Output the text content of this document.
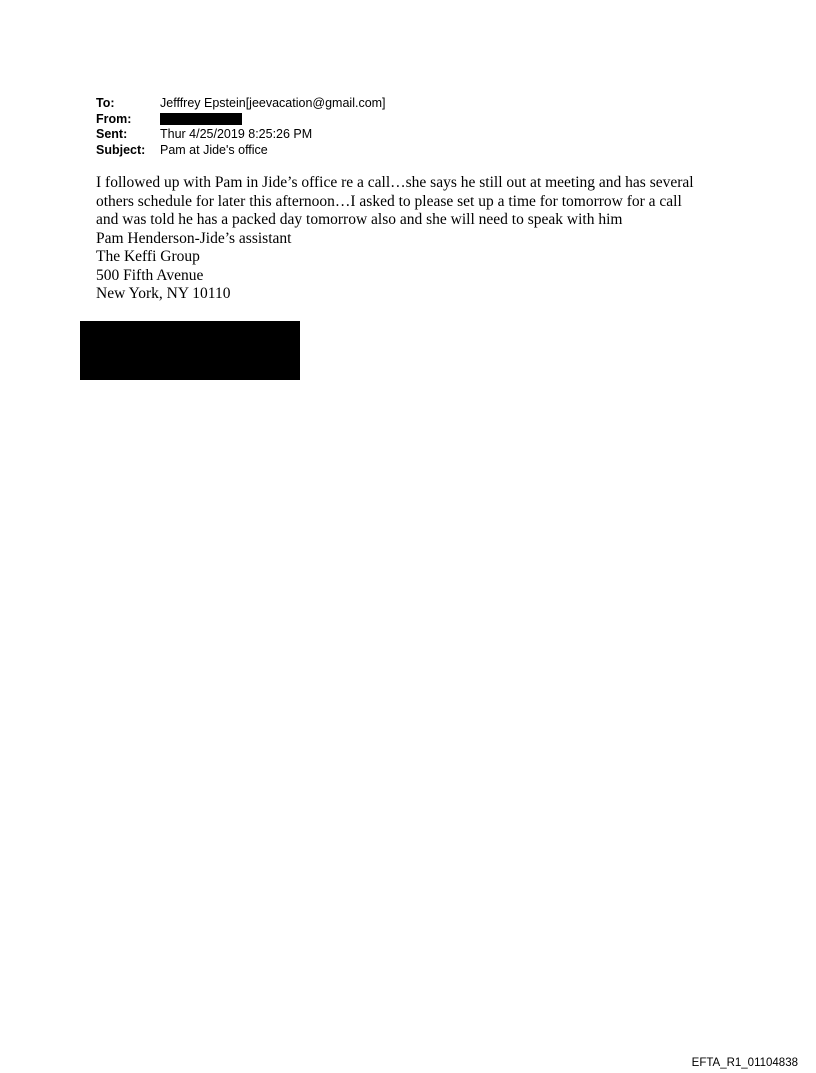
To:	Jefffrey Epstein[jeevacation@gmail.com]
From:
Sent:	Thur 4/25/2019 8:25:26 PM
Subject:	Pam at Jide's office
I followed up with Pam in Jide’s office re a call…she says he still out at meeting and has several
others schedule for later this afternoon…I asked to please set up a time for tomorrow for a call
and was told he has a packed day tomorrow also and she will need to speak with him
Pam Henderson-Jide’s assistant
The Keffi Group
500 Fifth Avenue
New York, NY 10110
EFTA_R1_01104838
